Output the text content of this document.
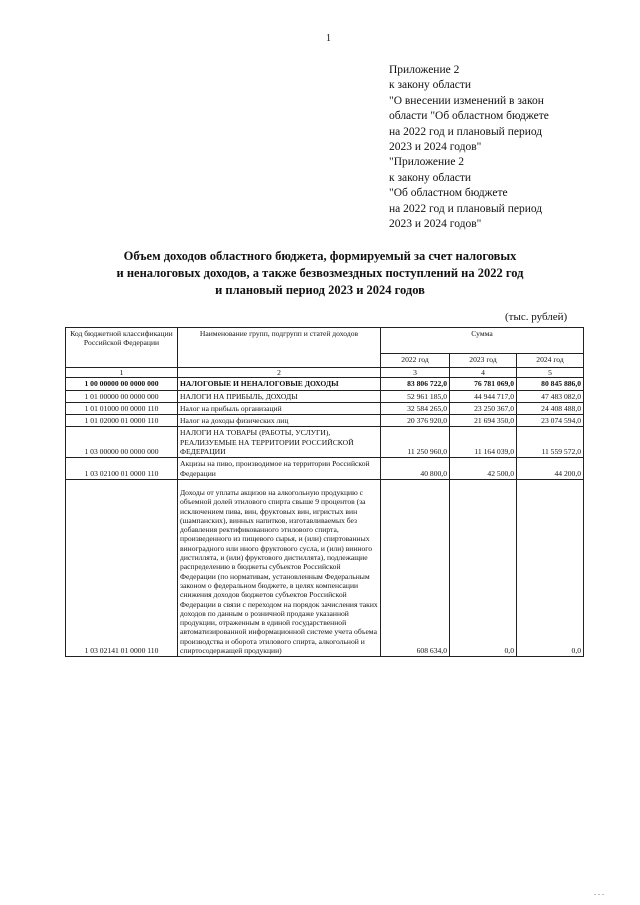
1
Приложение 2
к закону области
"О внесении изменений в закон
области "Об областном бюджете
на 2022 год и плановый период
2023 и 2024 годов"
"Приложение 2
к закону области
"Об областном бюджете
на 2022 год и плановый период
2023 и 2024 годов"
Объем доходов областного бюджета, формируемый за счет налоговых
и неналоговых доходов, а также безвозмездных поступлений на 2022 год
и плановый период 2023 и 2024 годов
(тыс. рублей)
Код бюджетной классификации Российской Федерации	Наименование групп, подгрупп и статей доходов	Сумма		
		2022 год	2023 год	2024 год
1	2	3	4	5
1 00 00000 00 0000 000	НАЛОГОВЫЕ И НЕНАЛОГОВЫЕ ДОХОДЫ	83 806 722,0	76 781 069,0	80 845 886,0
1 01 00000 00 0000 000	НАЛОГИ НА ПРИБЫЛЬ, ДОХОДЫ	52 961 185,0	44 944 717,0	47 483 082,0
1 01 01000 00 0000 110	Налог на прибыль организаций	32 584 265,0	23 250 367,0	24 408 488,0
1 01 02000 01 0000 110	Налог на доходы физических лиц	20 376 920,0	21 694 350,0	23 074 594,0
1 03 00000 00 0000 000	НАЛОГИ НА ТОВАРЫ (РАБОТЫ, УСЛУГИ), РЕАЛИЗУЕМЫЕ НА ТЕРРИТОРИИ РОССИЙСКОЙ ФЕДЕРАЦИИ	11 250 960,0	11 164 039,0	11 559 572,0
1 03 02100 01 0000 110	Акцизы на пиво, производимое на территории Российской Федерации	40 800,0	42 500,0	44 200,0
1 03 02141 01 0000 110	Доходы от уплаты акцизов на алкогольную продукцию с объемной долей этилового спирта свыше 9 процентов (за исключением пива, вин, фруктовых вин, игристых вин (шампанских), винных напитков, изготавливаемых без добавления ректификованного этилового спирта, произведенного из пищевого сырья, и (или) спиртованных виноградного или иного фруктового сусла, и (или) винного дистиллята, и (или) фруктового дистиллята), подлежащие распределению в бюджеты субъектов Российской Федерации (по нормативам, установленным Федеральным законом о федеральном бюджете, в целях компенсации снижения доходов бюджетов субъектов Российской Федерации в связи с переходом на порядок зачисления таких доходов по данным о розничной продаже указанной продукции, отраженным в единой государственной автоматизированной информационной системе учета объема производства и оборота этилового спирта, алкогольной и спиртосодержащей продукции)	608 634,0	0,0	0,0
. . .
